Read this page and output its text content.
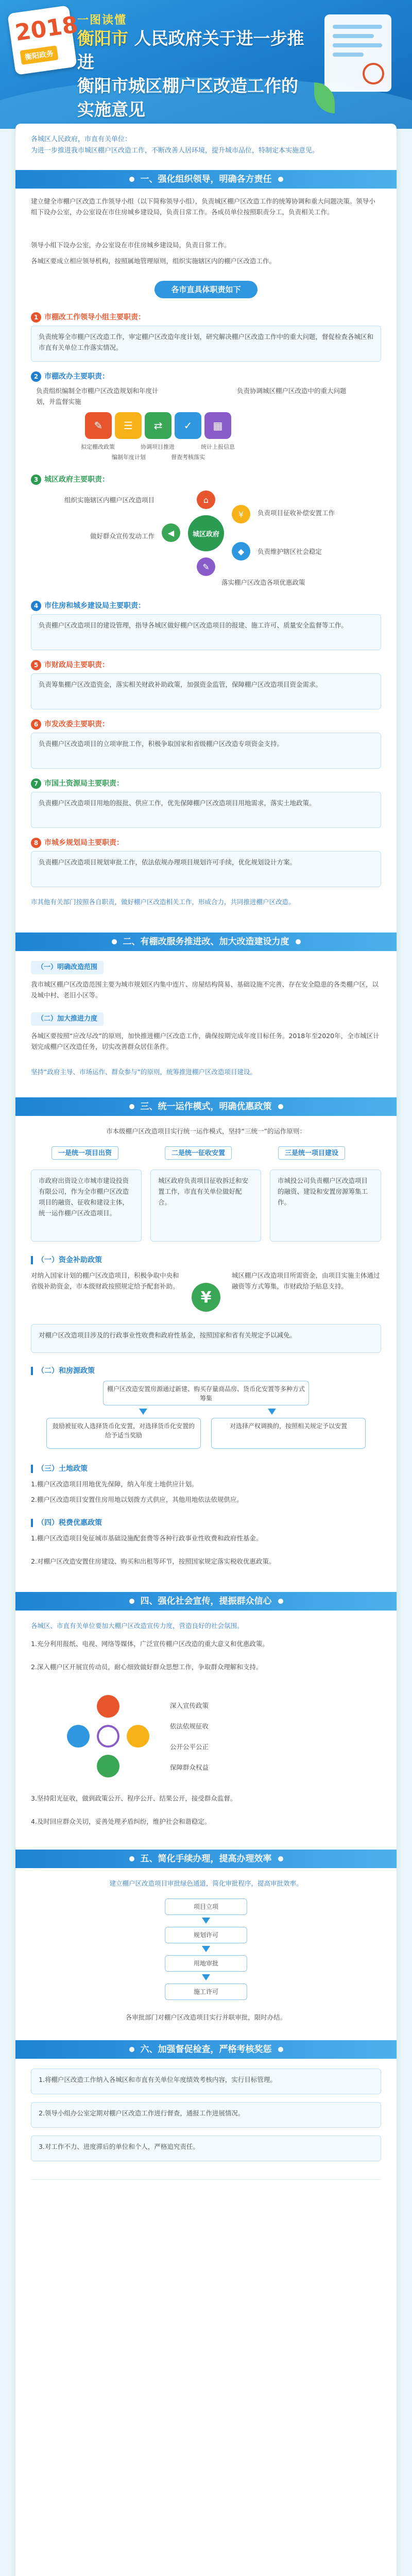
2018
衡阳政务
一图读懂
衡阳市 人民政府关于进一步推进
衡阳市城区棚户区改造工作的
实施意见
各城区人民政府，市直有关单位：
为进一步推进我市城区棚户区改造工作，不断改善人居环境，提升城市品位，特制定本实施意见。
一、强化组织领导，明确各方责任
建立健全市棚户区改造工作领导小组（以下简称领导小组），负责城区棚户区改造工作的统筹协调和重大问题决策。领导小组下设办公室，办公室设在市住房城乡建设局，负责日常工作。各成员单位按照职责分工，负责相关工作。
领导小组下设办公室，办公室设在市住房城乡建设局，负责日常工作。
各城区要成立相应领导机构，按照属地管理原则，组织实施辖区内的棚户区改造工作。
各市直具体职责如下
1 市棚改工作领导小组主要职责：
负责统筹全市棚户区改造工作，审定棚户区改造年度计划，研究解决棚户区改造工作中的重大问题，督促检查各城区和市直有关单位工作落实情况。
2 市棚改办主要职责：
负责组织编制全市棚户区改造规划和年度计划，并监督实施
负责协调城区棚户区改造中的重大问题
✎	☰	⇄	✓	▦
拟定棚改政策
编制年度计划
协调项目推进
督查考核落实
统计上报信息
3 城区政府主要职责：
城区政府
⌂
¥
◆
✎
◀
组织实施辖区内棚户区改造项目
负责项目征收补偿安置工作
负责维护辖区社会稳定
落实棚户区改造各项优惠政策
做好群众宣传发动工作
4 市住房和城乡建设局主要职责：
负责棚户区改造项目的建设管理，指导各城区做好棚户区改造项目的报建、施工许可、质量安全监督等工作。
5 市财政局主要职责：
负责筹集棚户区改造资金，落实相关财政补助政策，加强资金监管，保障棚户区改造项目资金需求。
6 市发改委主要职责：
负责棚户区改造项目的立项审批工作，积极争取国家和省级棚户区改造专项资金支持。
7 市国土资源局主要职责：
负责棚户区改造项目用地的报批、供应工作，优先保障棚户区改造项目用地需求，落实土地政策。
8 市城乡规划局主要职责：
负责棚户区改造项目规划审批工作，依法依规办理项目规划许可手续，优化规划设计方案。
市其他有关部门按照各自职责，做好棚户区改造相关工作，形成合力，共同推进棚户区改造。
二、有棚改服务推进改、加大改造建设力度
（一）明确改造范围
我市城区棚户区改造范围主要为城市规划区内集中连片、房屋结构简易、基础设施不完善、存在安全隐患的各类棚户区，以及城中村、老旧小区等。
（二）加大推进力度
各城区要按照“应改尽改”的原则，加快推进棚户区改造工作，确保按期完成年度目标任务。2018年至2020年，全市城区计划完成棚户区改造任务，切实改善群众居住条件。
坚持“政府主导、市场运作、群众参与”的原则，统筹推进棚户区改造项目建设。
三、统一运作模式，明确优惠政策
市本级棚户区改造项目实行统一运作模式，坚持“三统一”的运作原则：
一是统一项目出资	二是统一征收安置	三是统一项目建设
市政府出资设立市城市建设投资有限公司，作为全市棚户区改造项目的融资、征收和建设主体，统一运作棚户区改造项目。
城区政府负责项目征收拆迁和安置工作，市直有关单位做好配合。
市城投公司负责棚户区改造项目的融资、建设和安置房源筹集工作。
（一）资金补助政策
对纳入国家计划的棚户区改造项目，积极争取中央和省级补助资金，市本级财政按照规定给予配套补助。
¥
城区棚户区改造项目所需资金，由项目实施主体通过融资等方式筹集，市财政给予贴息支持。
对棚户区改造项目涉及的行政事业性收费和政府性基金，按照国家和省有关规定予以减免。
（二）和房源政策
棚户区改造安置房源通过新建、购买存量商品房、货币化安置等多种方式筹集
鼓励被征收人选择货币化安置，对选择货币化安置的给予适当奖励
对选择产权调换的，按照相关规定予以安置
（三）土地政策
1.棚户区改造项目用地优先保障，纳入年度土地供应计划。
2.棚户区改造项目安置住房用地以划拨方式供应，其他用地依法依规供应。
（四）税费优惠政策
1.棚户区改造项目免征城市基础设施配套费等各种行政事业性收费和政府性基金。
2.对棚户区改造安置住房建设、购买和出租等环节，按照国家规定落实税收优惠政策。
四、强化社会宣传，提振群众信心
各城区、市直有关单位要加大棚户区改造宣传力度，营造良好的社会氛围。
1.充分利用报纸、电视、网络等媒体，广泛宣传棚户区改造的重大意义和优惠政策。
2.深入棚户区开展宣传动员，耐心细致做好群众思想工作，争取群众理解和支持。
深入宣传政策
依法依规征收
公开公平公正
保障群众权益
3.坚持阳光征收，做到政策公开、程序公开、结果公开，接受群众监督。
4.及时回应群众关切，妥善处理矛盾纠纷，维护社会和谐稳定。
五、简化手续办理，提高办理效率
建立棚户区改造项目审批绿色通道，简化审批程序，提高审批效率。
项目立项
规划许可
用地审批
施工许可
各审批部门对棚户区改造项目实行并联审批，限时办结。
六、加强督促检查，严格考核奖惩
1.将棚户区改造工作纳入各城区和市直有关单位年度绩效考核内容，实行目标管理。
2.领导小组办公室定期对棚户区改造工作进行督查，通报工作进展情况。
3.对工作不力、进度滞后的单位和个人，严格追究责任。
